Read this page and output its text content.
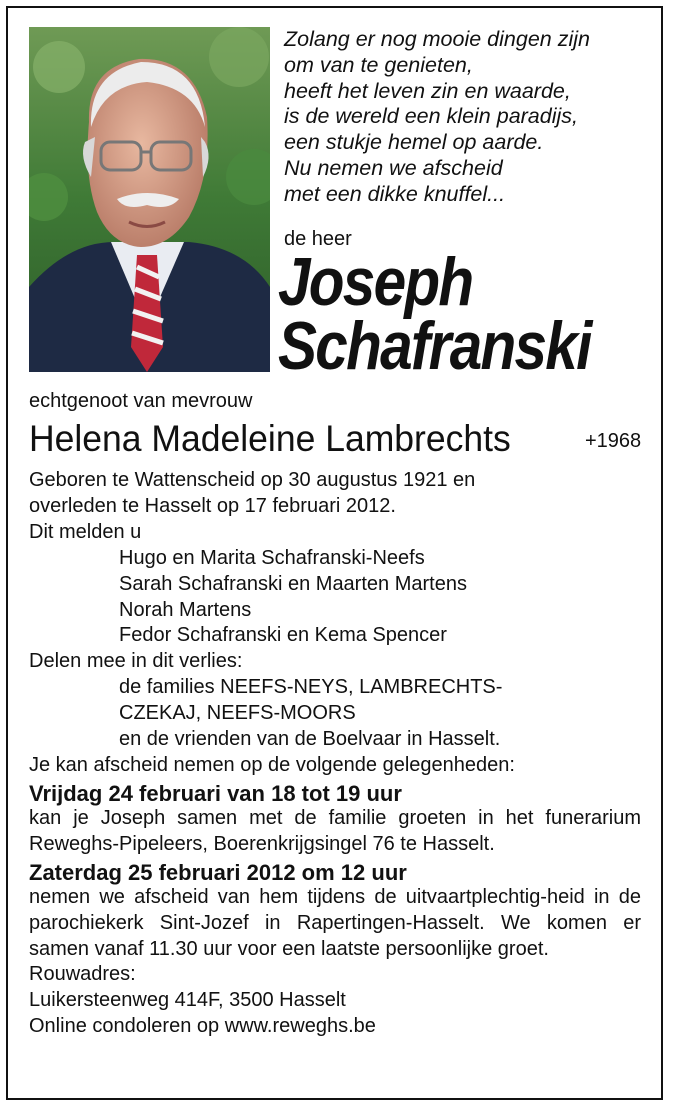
Zolang er nog mooie dingen zijn
om van te genieten,
heeft het leven zin en waarde,
is de wereld een klein paradijs,
een stukje hemel op aarde.
Nu nemen we afscheid
met een dikke knuffel...
de heer
Joseph
Schafranski
echtgenoot van mevrouw
Helena Madeleine Lambrechts	+1968
Geboren te Wattenscheid op 30 augustus 1921 en
overleden te Hasselt op 17 februari 2012.
Dit melden u
Hugo en Marita Schafranski-Neefs
Sarah Schafranski en Maarten Martens
Norah Martens
Fedor Schafranski en Kema Spencer
Delen mee in dit verlies:
de families NEEFS-NEYS, LAMBRECHTS-
CZEKAJ, NEEFS-MOORS
en de vrienden van de Boelvaar in Hasselt.
Je kan afscheid nemen op de volgende gelegenheden:
Vrijdag 24 februari van 18 tot 19 uur
kan je Joseph samen met de familie groeten in het funerarium Reweghs-Pipeleers, Boerenkrijgsingel 76 te Hasselt.
Zaterdag 25 februari 2012 om 12 uur
nemen we afscheid van hem tijdens de uitvaartplechtig-heid in de parochiekerk Sint-Jozef in Rapertingen-Hasselt. We komen er samen vanaf 11.30 uur voor een laatste persoonlijke groet.
Rouwadres:
Luikersteenweg 414F, 3500 Hasselt
Online condoleren op www.reweghs.be
